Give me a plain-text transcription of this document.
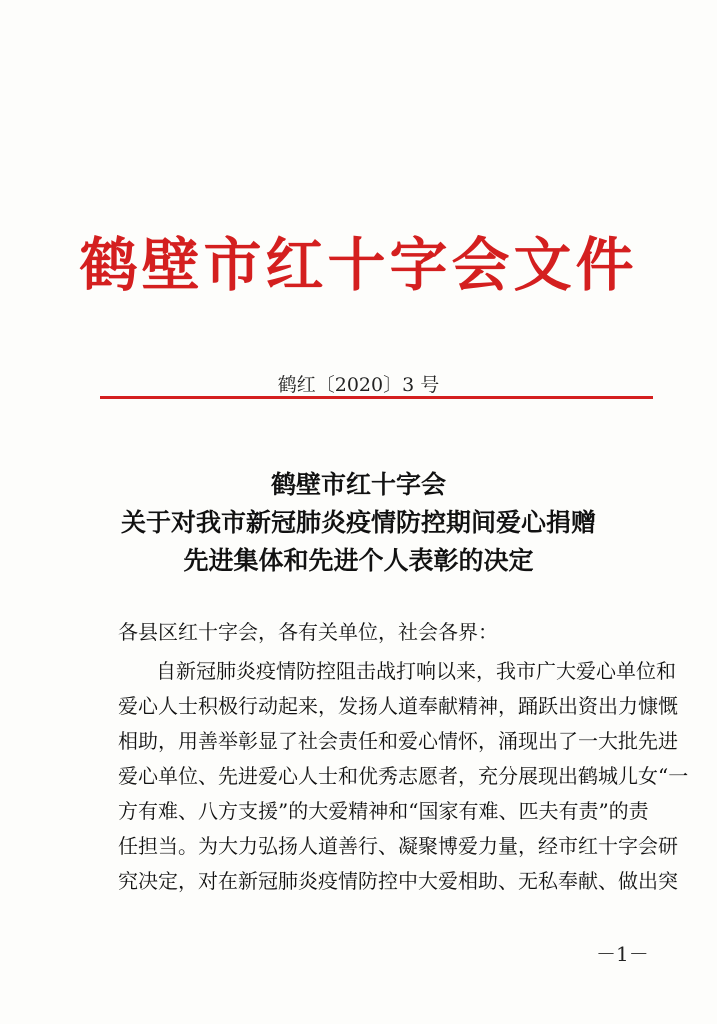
鹤壁市红十字会文件
鹤红〔2020〕3 号
鹤壁市红十字会
关于对我市新冠肺炎疫情防控期间爱心捐赠
先进集体和先进个人表彰的决定
各县区红十字会，各有关单位，社会各界：
自新冠肺炎疫情防控阻击战打响以来，我市广大爱心单位和
爱心人士积极行动起来，发扬人道奉献精神，踊跃出资出力慷慨
相助，用善举彰显了社会责任和爱心情怀，涌现出了一大批先进
爱心单位、先进爱心人士和优秀志愿者，充分展现出鹤城儿女“一
方有难、八方支援”的大爱精神和“国家有难、匹夫有责”的责
任担当。为大力弘扬人道善行、凝聚博爱力量，经市红十字会研
究决定，对在新冠肺炎疫情防控中大爱相助、无私奉献、做出突
－1－
